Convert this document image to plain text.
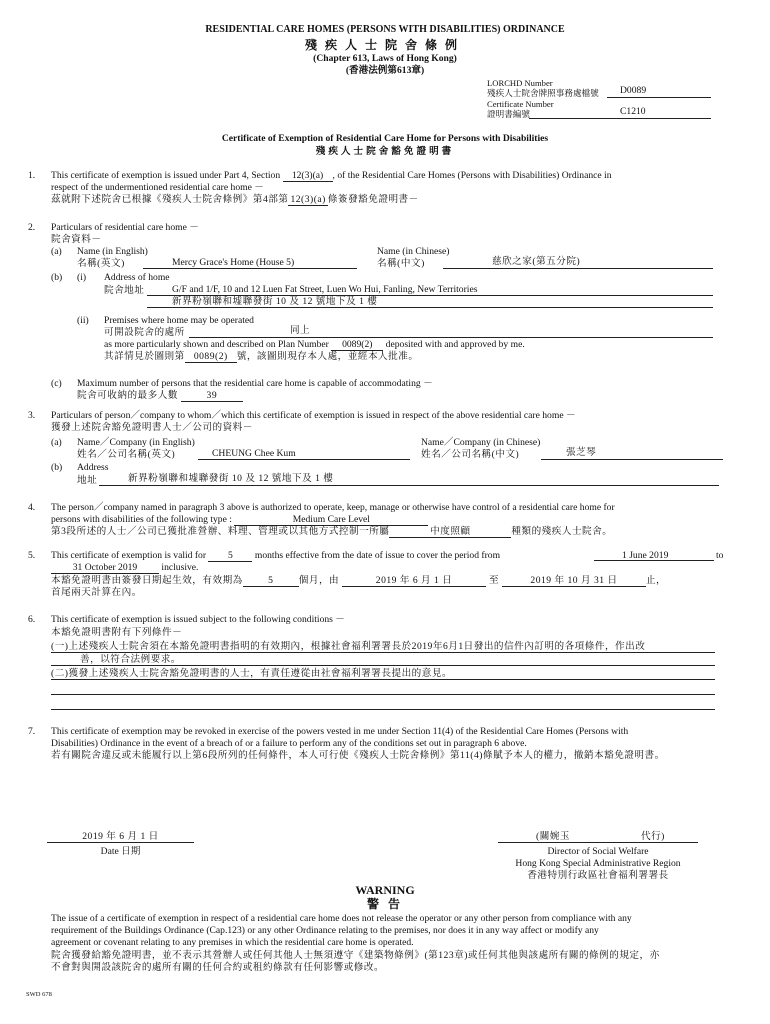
RESIDENTIAL CARE HOMES (PERSONS WITH DISABILITIES) ORDINANCE
殘疾人士院舍條例
(Chapter 613, Laws of Hong Kong)
(香港法例第613章)
LORCHD Number
殘疾人士院舍牌照事務處檔號 D0089
Certificate Number
證明書編號	C1210
Certificate of Exemption of Residential Care Home for Persons with Disabilities
殘疾人士院舍豁免證明書
1. This certificate of exemption is issued under Part 4, Section 12(3)(a) , of the Residential Care Homes (Persons with Disabilities) Ordinance in
respect of the undermentioned residential care home －
茲就附下述院舍已根據《殘疾人士院舍條例》第4部第 12(3)(a) 條簽發豁免證明書－
2. Particulars of residential care home －
院舍資料－
(a) Name (in English)
名稱(英文)	Mercy Grace's Home (House 5)
Name (in Chinese)
名稱(中文)	慈欣之家(第五分院)
(b) (i) Address of home
院舍地址	G/F and 1/F, 10 and 12 Luen Fat Street, Luen Wo Hui, Fanling, New Territories
新界粉嶺聯和墟聯發街 10 及 12 號地下及 1 樓
(ii) Premises where home may be operated
可開設院舍的處所	同上
as more particularly shown and described on Plan Number 0089(2) deposited with and approved by me.
其詳情見於圖則第 0089(2) 號，該圖則現存本人處，並經本人批准。
(c) Maximum number of persons that the residential care home is capable of accommodating －
院舍可收納的最多人數	39
3. Particulars of person／company to whom／which this certificate of exemption is issued in respect of the above residential care home －
獲發上述院舍豁免證明書人士／公司的資料－
(a) Name／Company (in English)
姓名／公司名稱(英文)	CHEUNG Chee Kum
Name／Company (in Chinese)
姓名／公司名稱(中文)	張芝琴
(b) Address
地址	新界粉嶺聯和墟聯發街 10 及 12 號地下及 1 樓
4. The person／company named in paragraph 3 above is authorized to operate, keep, manage or otherwise have control of a residential care home for
persons with disabilities of the following type :	Medium Care Level
第3段所述的人士／公司已獲批准營辦、料理、管理或以其他方式控制一所屬	中度照顧	種類的殘疾人士院舍。
5. This certificate of exemption is valid for 5 months effective from the date of issue to cover the period from	1 June 2019	to
31 October 2019	inclusive.
本豁免證明書由簽發日期起生效，有效期為	5	個月，由	2019 年 6 月 1 日	至	2019 年 10 月 31 日	止，
首尾兩天計算在內。
6. This certificate of exemption is issued subject to the following conditions －
本豁免證明書附有下列條件－
(一)上述殘疾人士院舍須在本豁免證明書指明的有效期內，根據社會福利署署長於2019年6月1日發出的信件內訂明的各項條件，作出改
善，以符合法例要求。
(二)獲發上述殘疾人士院舍豁免證明書的人士，有責任遵從由社會福利署署長提出的意見。
7. This certificate of exemption may be revoked in exercise of the powers vested in me under Section 11(4) of the Residential Care Homes (Persons with
Disabilities) Ordinance in the event of a breach of or a failure to perform any of the conditions set out in paragraph 6 above.
若有關院舍違反或未能履行以上第6段所列的任何條件，本人可行使《殘疾人士院舍條例》第11(4)條賦予本人的權力，撤銷本豁免證明書。
2019 年 6 月 1 日
Date 日期
(關婉玉	代行)
Director of Social Welfare
Hong Kong Special Administrative Region
香港特別行政區社會福利署署長
WARNING
警 告
The issue of a certificate of exemption in respect of a residential care home does not release the operator or any other person from compliance with any
requirement of the Buildings Ordinance (Cap.123) or any other Ordinance relating to the premises, nor does it in any way affect or modify any
agreement or covenant relating to any premises in which the residential care home is operated.
院舍獲發給豁免證明書，並不表示其營辦人或任何其他人士無須遵守《建築物條例》(第123章)或任何其他與該處所有關的條例的規定，亦
不會對與開設該院舍的處所有關的任何合約或租約條款有任何影響或修改。
SWD 678
